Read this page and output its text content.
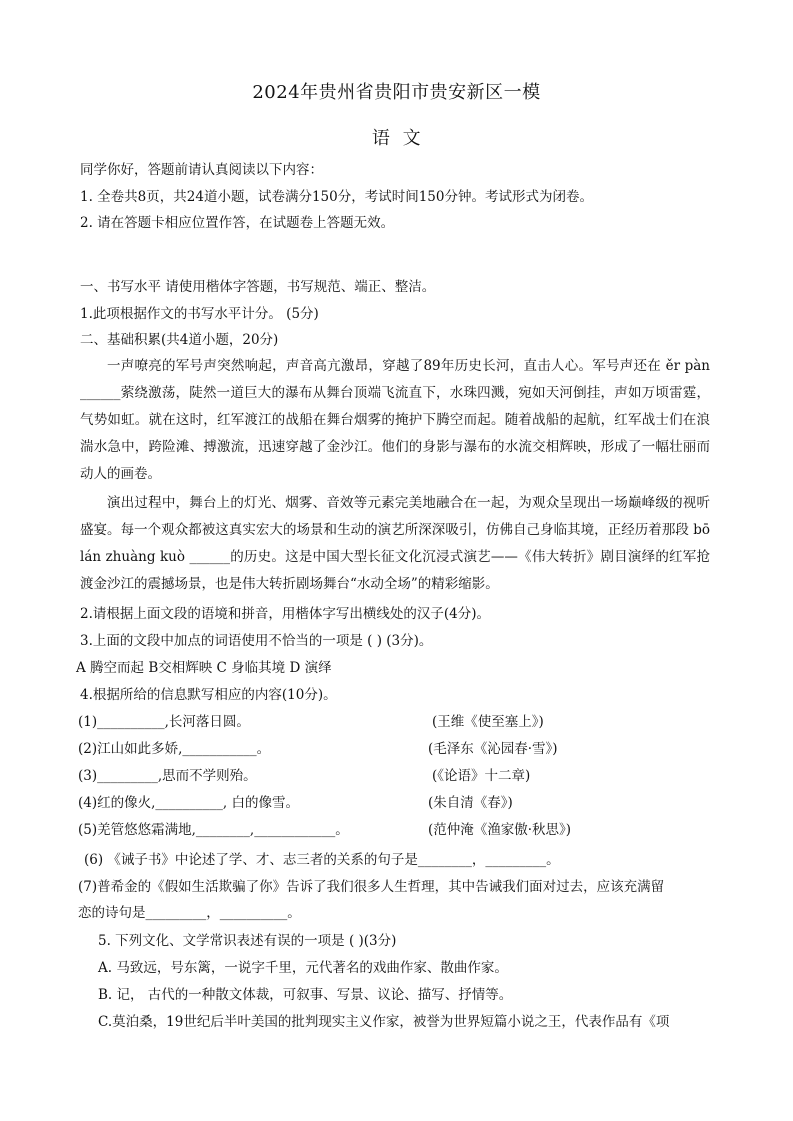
2024年贵州省贵阳市贵安新区一模
语 文
同学你好，答题前请认真阅读以下内容：
1. 全卷共8页，共24道小题，试卷满分150分，考试时间150分钟。考试形式为闭卷。
2. 请在答题卡相应位置作答，在试题卷上答题无效。
一、书写水平 请使用楷体字答题，书写规范、端正、整洁。
1.此项根据作文的书写水平计分。 (5分)
二、基础积累(共4道小题，20分)

一声嘹亮的军号声突然响起，声音高亢激昂，穿越了89年历史长河，直击人心。军号声还在 ěr pàn ______萦绕激荡，陡然一道巨大的瀑布从舞台顶端飞流直下，水珠四溅，宛如天河倒挂，声如万顷雷霆，气势如虹。就在这时，红军渡江的战船在舞台烟雾的掩护下腾空而起。随着战船的起航，红军战士们在浪湍水急中，跨险滩、搏激流，迅速穿越了金沙江。他们的身影与瀑布的水流交相辉映，形成了一幅壮丽而动人的画卷。

演出过程中，舞台上的灯光、烟雾、音效等元素完美地融合在一起，为观众呈现出一场巅峰级的视听盛宴。每一个观众都被这真实宏大的场景和生动的演艺所深深吸引，仿佛自己身临其境，正经历着那段 bō lán zhuàng kuò ______的历史。这是中国大型长征文化沉浸式演艺——《伟大转折》剧目演绎的红军抢渡金沙江的震撼场景，也是伟大转折剧场舞台“水动全场”的精彩缩影。

2.请根据上面文段的语境和拼音，用楷体字写出横线处的汉子(4分)。
3.上面的文段中加点的词语使用不恰当的一项是 ( ) (3分)。
A 腾空而起 B交相辉映 C 身临其境 D 演绎
4.根据所给的信息默写相应的内容(10分)。
(1)__________,长河落日圆。	(王维《使至塞上》)
(2)江山如此多娇,___________。	(毛泽东《沁园春·雪》)
(3)_________,思而不学则殆。	(《论语》十二章)
(4)红的像火,__________, 白的像雪。	(朱自清《春》)
(5)羌管悠悠霜满地,________,____________。	(范仲淹《渔家傲·秋思》)
(6) 《诫子书》中论述了学、才、志三者的关系的句子是________，_________。
(7)普希金的《假如生活欺骗了你》告诉了我们很多人生哲理，其中告诫我们面对过去，应该充满留
恋的诗句是_________，__________。
5. 下列文化、文学常识表述有误的一项是 ( )(3分)
A. 马致远，号东篱，一说字千里，元代著名的戏曲作家、散曲作家。
B. 记， 古代的一种散文体裁，可叙事、写景、议论、描写、抒情等。
C.莫泊桑，19世纪后半叶美国的批判现实主义作家，被誉为世界短篇小说之王，代表作品有《项
